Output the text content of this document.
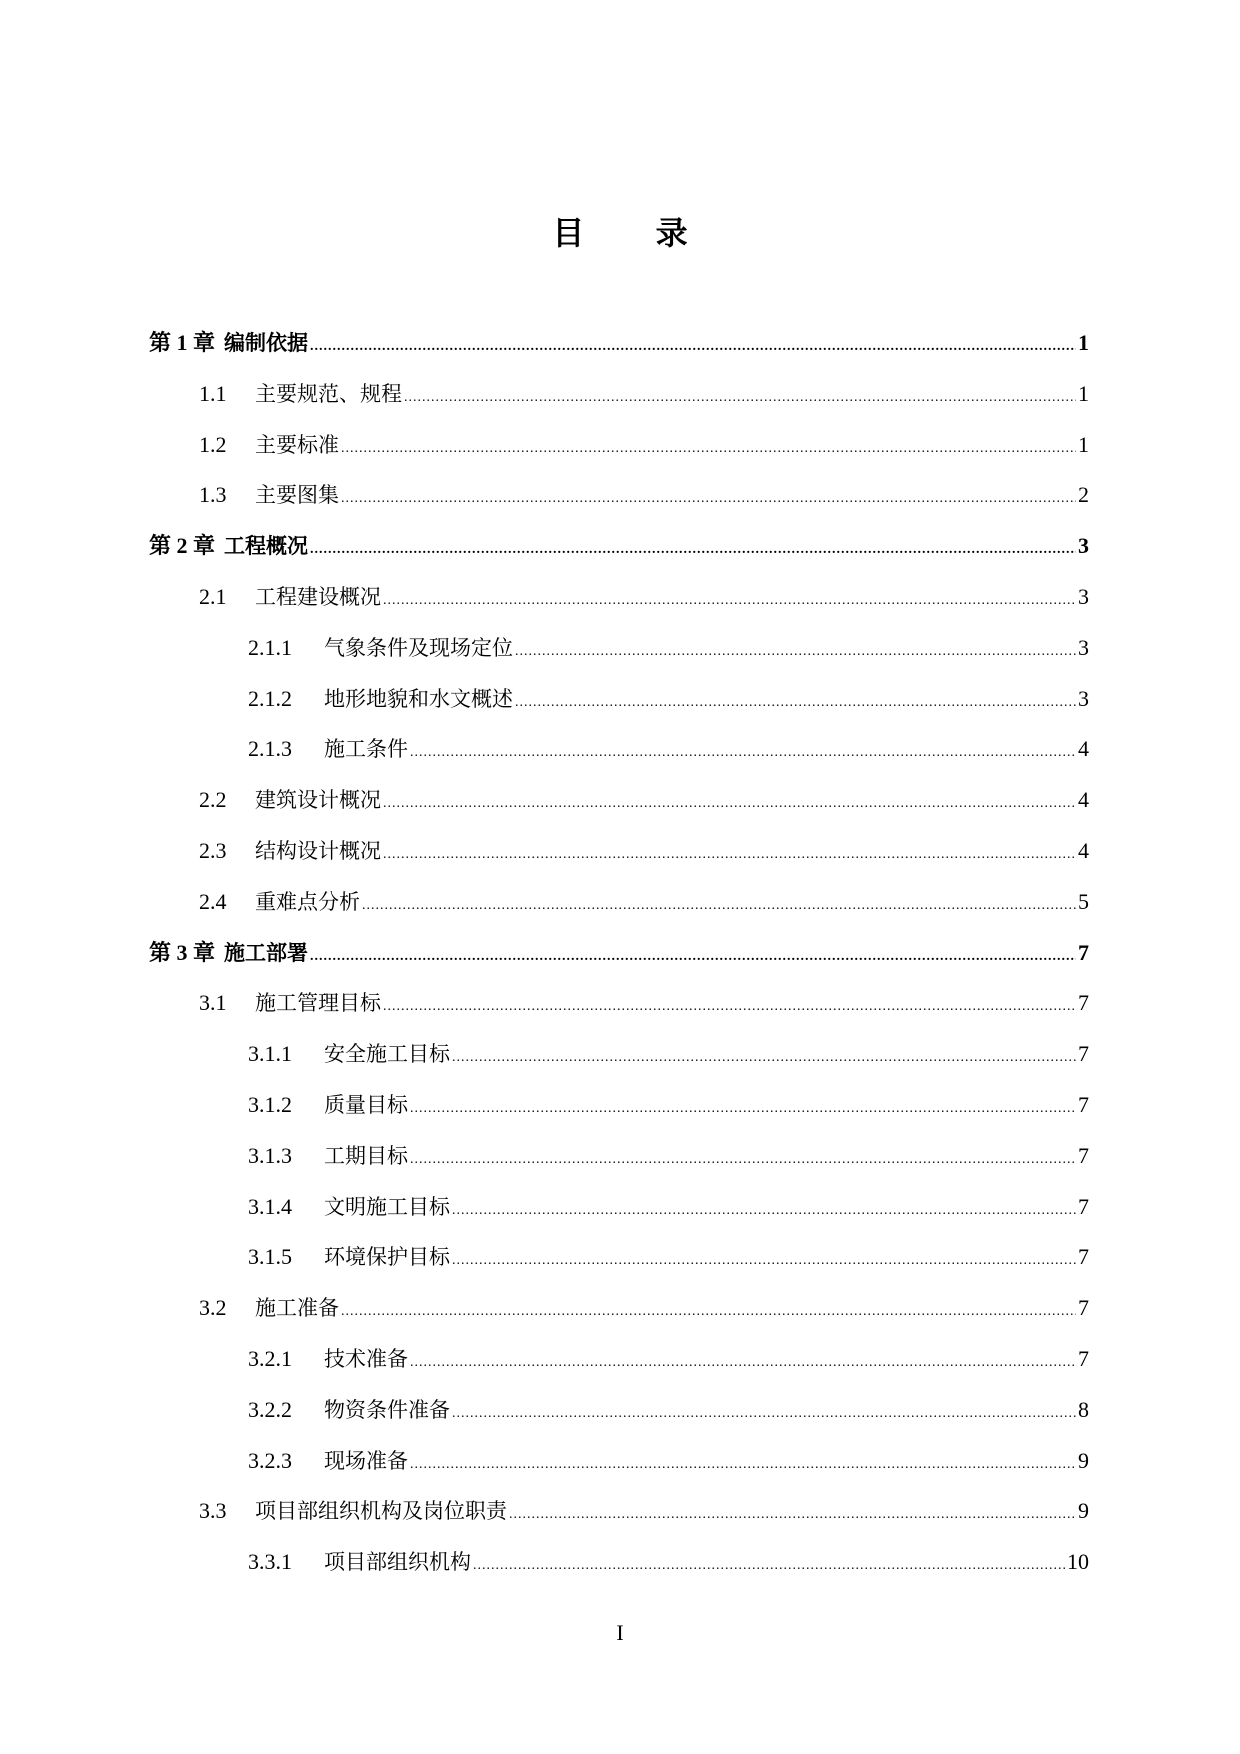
目 录
第 1 章 编制依据 .....	1
1.1	主要规范、规程 .....	1
1.2	主要标准 .....	1
1.3	主要图集 .....	2
第 2 章 工程概况 .....	3
2.1	工程建设概况 .....	3
2.1.1	气象条件及现场定位 .....	3
2.1.2	地形地貌和水文概述 .....	3
2.1.3	施工条件 .....	4
2.2	建筑设计概况 .....	4
2.3	结构设计概况 .....	4
2.4	重难点分析 .....	5
第 3 章 施工部署 .....	7
3.1	施工管理目标 .....	7
3.1.1	安全施工目标 .....	7
3.1.2	质量目标 .....	7
3.1.3	工期目标 .....	7
3.1.4	文明施工目标 .....	7
3.1.5	环境保护目标 .....	7
3.2	施工准备 .....	7
3.2.1	技术准备 .....	7
3.2.2	物资条件准备 .....	8
3.2.3	现场准备 .....	9
3.3	项目部组织机构及岗位职责 .....	9
3.3.1	项目部组织机构 .....	10
I
